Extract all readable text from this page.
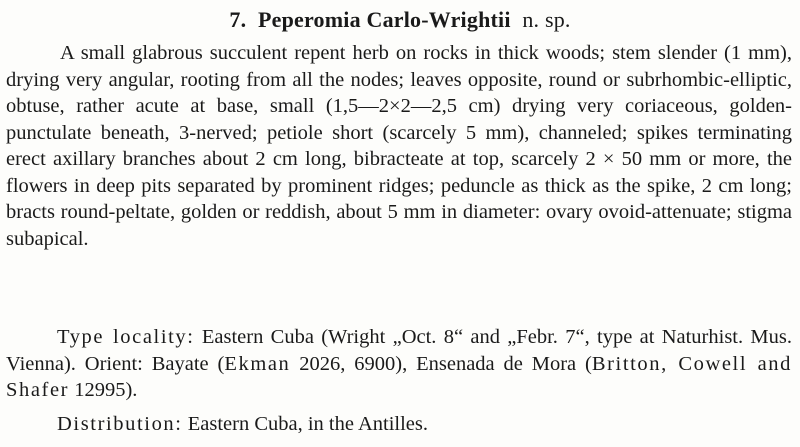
7. Peperomia Carlo-Wrightii n. sp.

A small glabrous succulent repent herb on rocks in thick woods; stem slender (1 mm), drying very angular, rooting from all the nodes; leaves opposite, round or subrhombic-elliptic, obtuse, rather acute at base, small (1,5—2×2—2,5 cm) drying very coriaceous, golden-punctulate beneath, 3-nerved; petiole short (scarcely 5 mm), channeled; spikes terminating erect axillary branches about 2 cm long, bibracteate at top, scarcely 2 × 50 mm or more, the flowers in deep pits separated by prominent ridges; peduncle as thick as the spike, 2 cm long; bracts round-peltate, golden or reddish, about 5 mm in diameter: ovary ovoid-attenuate; stigma subapical.

Type locality: Eastern Cuba (Wright „Oct. 8“ and „Febr. 7“, type at Naturhist. Mus. Vienna). Orient: Bayate (Ekman 2026, 6900), Ensenada de Mora (Britton, Cowell and Shafer 12995).

Distribution: Eastern Cuba, in the Antilles.
